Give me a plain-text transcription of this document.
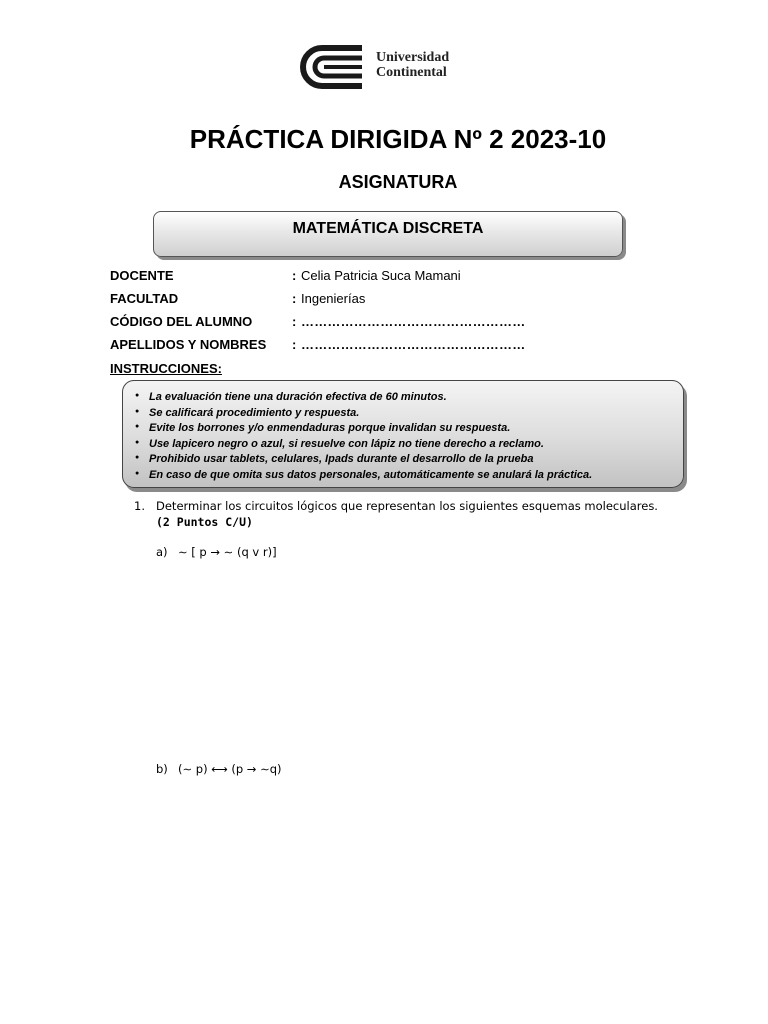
Universidad
Continental
PRÁCTICA DIRIGIDA Nº 2 2023-10
ASIGNATURA
MATEMÁTICA DISCRETA
DOCENTE	: Celia Patricia Suca Mamani
FACULTAD	: Ingenierías
CÓDIGO DEL ALUMNO	: ……………………………………………
APELLIDOS Y NOMBRES : ……………………………………………
INSTRUCCIONES:
● La evaluación tiene una duración efectiva de 60 minutos.
● Se calificará procedimiento y respuesta.
● Evite los borrones y/o enmendaduras porque invalidan su respuesta.
● Use lapicero negro o azul, si resuelve con lápiz no tiene derecho a reclamo.
● Prohibido usar tablets, celulares, Ipads durante el desarrollo de la prueba
● En caso de que omita sus datos personales, automáticamente se anulará la práctica.
1. Determinar los circuitos lógicos que representan los siguientes esquemas moleculares.
(2 Puntos C/U)
a) ∼ [ p → ∼ (q v r)]
b) (∼ p) ⟷ (p → ∼q)
